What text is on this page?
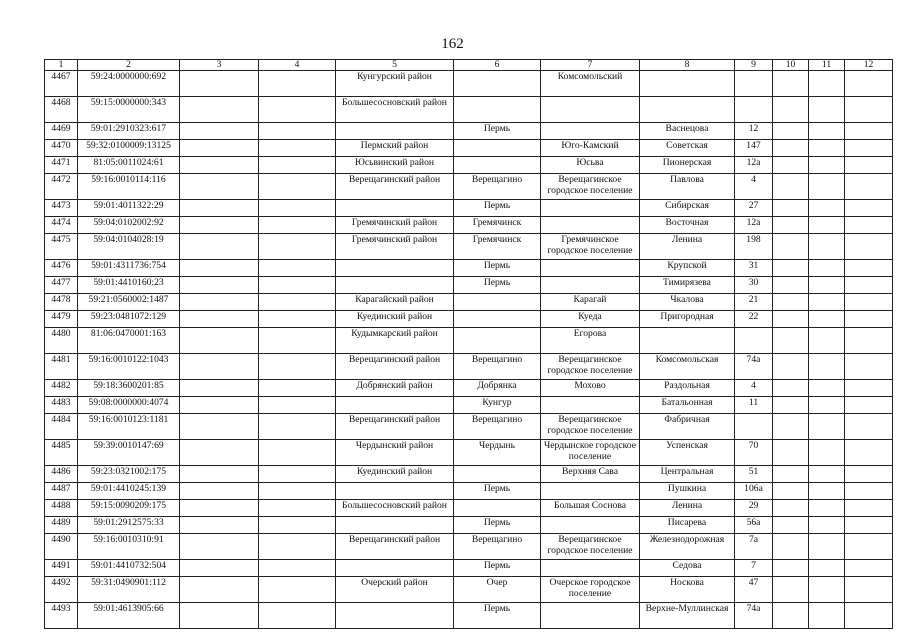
162
1	2	3	4	5	6	7	8	9	10	11	12
4467	59:24:0000000:692			Кунгурский район		Комсомольский					
4468	59:15:0000000:343			Большесосновский район							
4469	59:01:2910323:617				Пермь		Васнецова	12			
4470	59:32:0100009:13125			Пермский район		Юго-Камский	Советская	147			
4471	81:05:0011024:61			Юсьвинский район		Юсьва	Пионерская	12а			
4472	59:16:0010114:116			Верещагинский район	Верещагино	Верещагинское городское поселение	Павлова	4			
4473	59:01:4011322:29				Пермь		Сибирская	27			
4474	59:04:0102002:92			Гремячинский район	Гремячинск		Восточная	12а			
4475	59:04:0104028:19			Гремячинский район	Гремячинск	Гремячинское городское поселение	Ленина	198			
4476	59:01:4311736:754				Пермь		Крупской	31			
4477	59:01:4410160:23				Пермь		Тимирязева	30			
4478	59:21:0560002:1487			Карагайский район		Карагай	Чкалова	21			
4479	59:23:0481072:129			Куединский район		Куеда	Пригородная	22			
4480	81:06:0470001:163			Кудымкарский район		Егорова					
4481	59:16:0010122:1043			Верещагинский район	Верещагино	Верещагинское городское поселение	Комсомольская	74а			
4482	59:18:3600201:85			Добрянский район	Добрянка	Мохово	Раздольная	4			
4483	59:08:0000000:4074				Кунгур		Батальонная	11			
4484	59:16:0010123:1181			Верещагинский район	Верещагино	Верещагинское городское поселение	Фабричная				
4485	59:39:0010147:69			Чердынский район	Чердынь	Чердынское городское поселение	Успенская	70			
4486	59:23:0321002:175			Куединский район		Верхняя Сава	Центральная	51			
4487	59:01:4410245:139				Пермь		Пушкина	106а			
4488	59:15:0090209:175			Большесосновский район		Большая Соснова	Ленина	29			
4489	59:01:2912575:33				Пермь		Писарева	56а			
4490	59:16:0010310:91			Верещагинский район	Верещагино	Верещагинское городское поселение	Железнодорожная	7а			
4491	59:01:4410732:504				Пермь		Седова	7			
4492	59:31:0490901:112			Очерский район	Очер	Очерское городское поселение	Носкова	47			
4493	59:01:4613905:66				Пермь		Верхне-Муллинская	74а			
